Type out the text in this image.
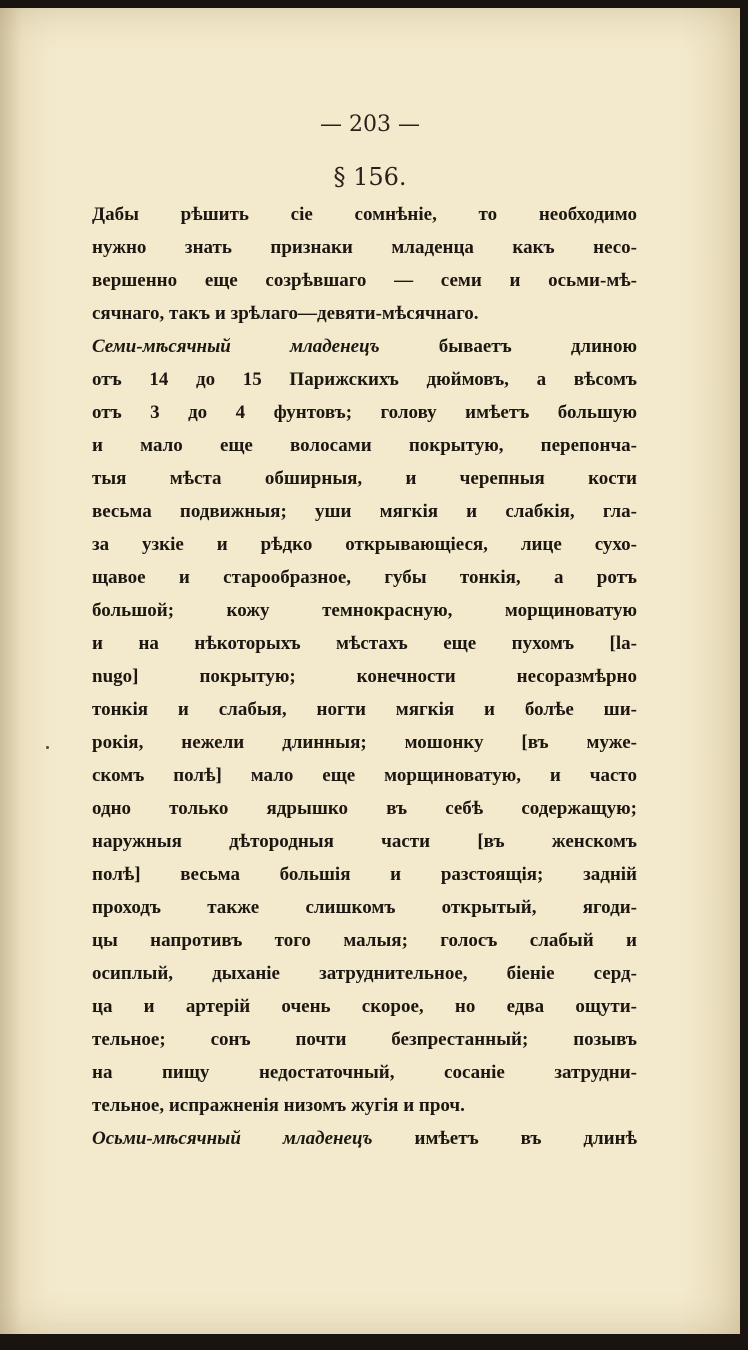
— 203 —
§ 156.
Дабы рѣшить сіе сомнѣніе, то необходимо
нужно знать признаки младенца какъ несо-
вершенно еще созрѣвшаго — семи и осьми-мѣ-
сячнаго, такъ и зрѣлаго—девяти-мѣсячнаго.
Семи-мѣсячный младенецъ бываетъ длиною
отъ 14 до 15 Парижскихъ дюймовъ, а вѣсомъ
отъ 3 до 4 фунтовъ; голову имѣетъ большую
и мало еще волосами покрытую, перепонча-
тыя мѣста обширныя, и черепныя кости
весьма подвижныя; уши мягкія и слабкія, гла-
за узкіе и рѣдко открывающіеся, лице сухо-
щавое и старообразное, губы тонкія, а ротъ
большой; кожу темнокрасную, морщиноватую
и на нѣкоторыхъ мѣстахъ еще пухомъ [la-
nugo] покрытую; конечности несоразмѣрно
тонкія и слабыя, ногти мягкія и болѣе ши-
рокія, нежели длинныя; мошонку [въ муже-
скомъ полѣ] мало еще морщиноватую, и часто
одно только ядрышко въ себѣ содержащую;
наружныя дѣтородныя части [въ женскомъ
полѣ] весьма большія и разстоящія; заднiй
проходъ также слишкомъ открытый, ягоди-
цы напротивъ того малыя; голосъ слабый и
осиплый, дыханіе затруднительное, біеніе серд-
ца и артерій очень скорое, но едва ощути-
тельное; сонъ почти безпрестанный; позывъ
на пищу недостаточный, сосаніе затрудни-
тельное, испражненія низомъ жугія и проч.
Осьми-мѣсячный младенецъ имѣетъ въ длинѣ
